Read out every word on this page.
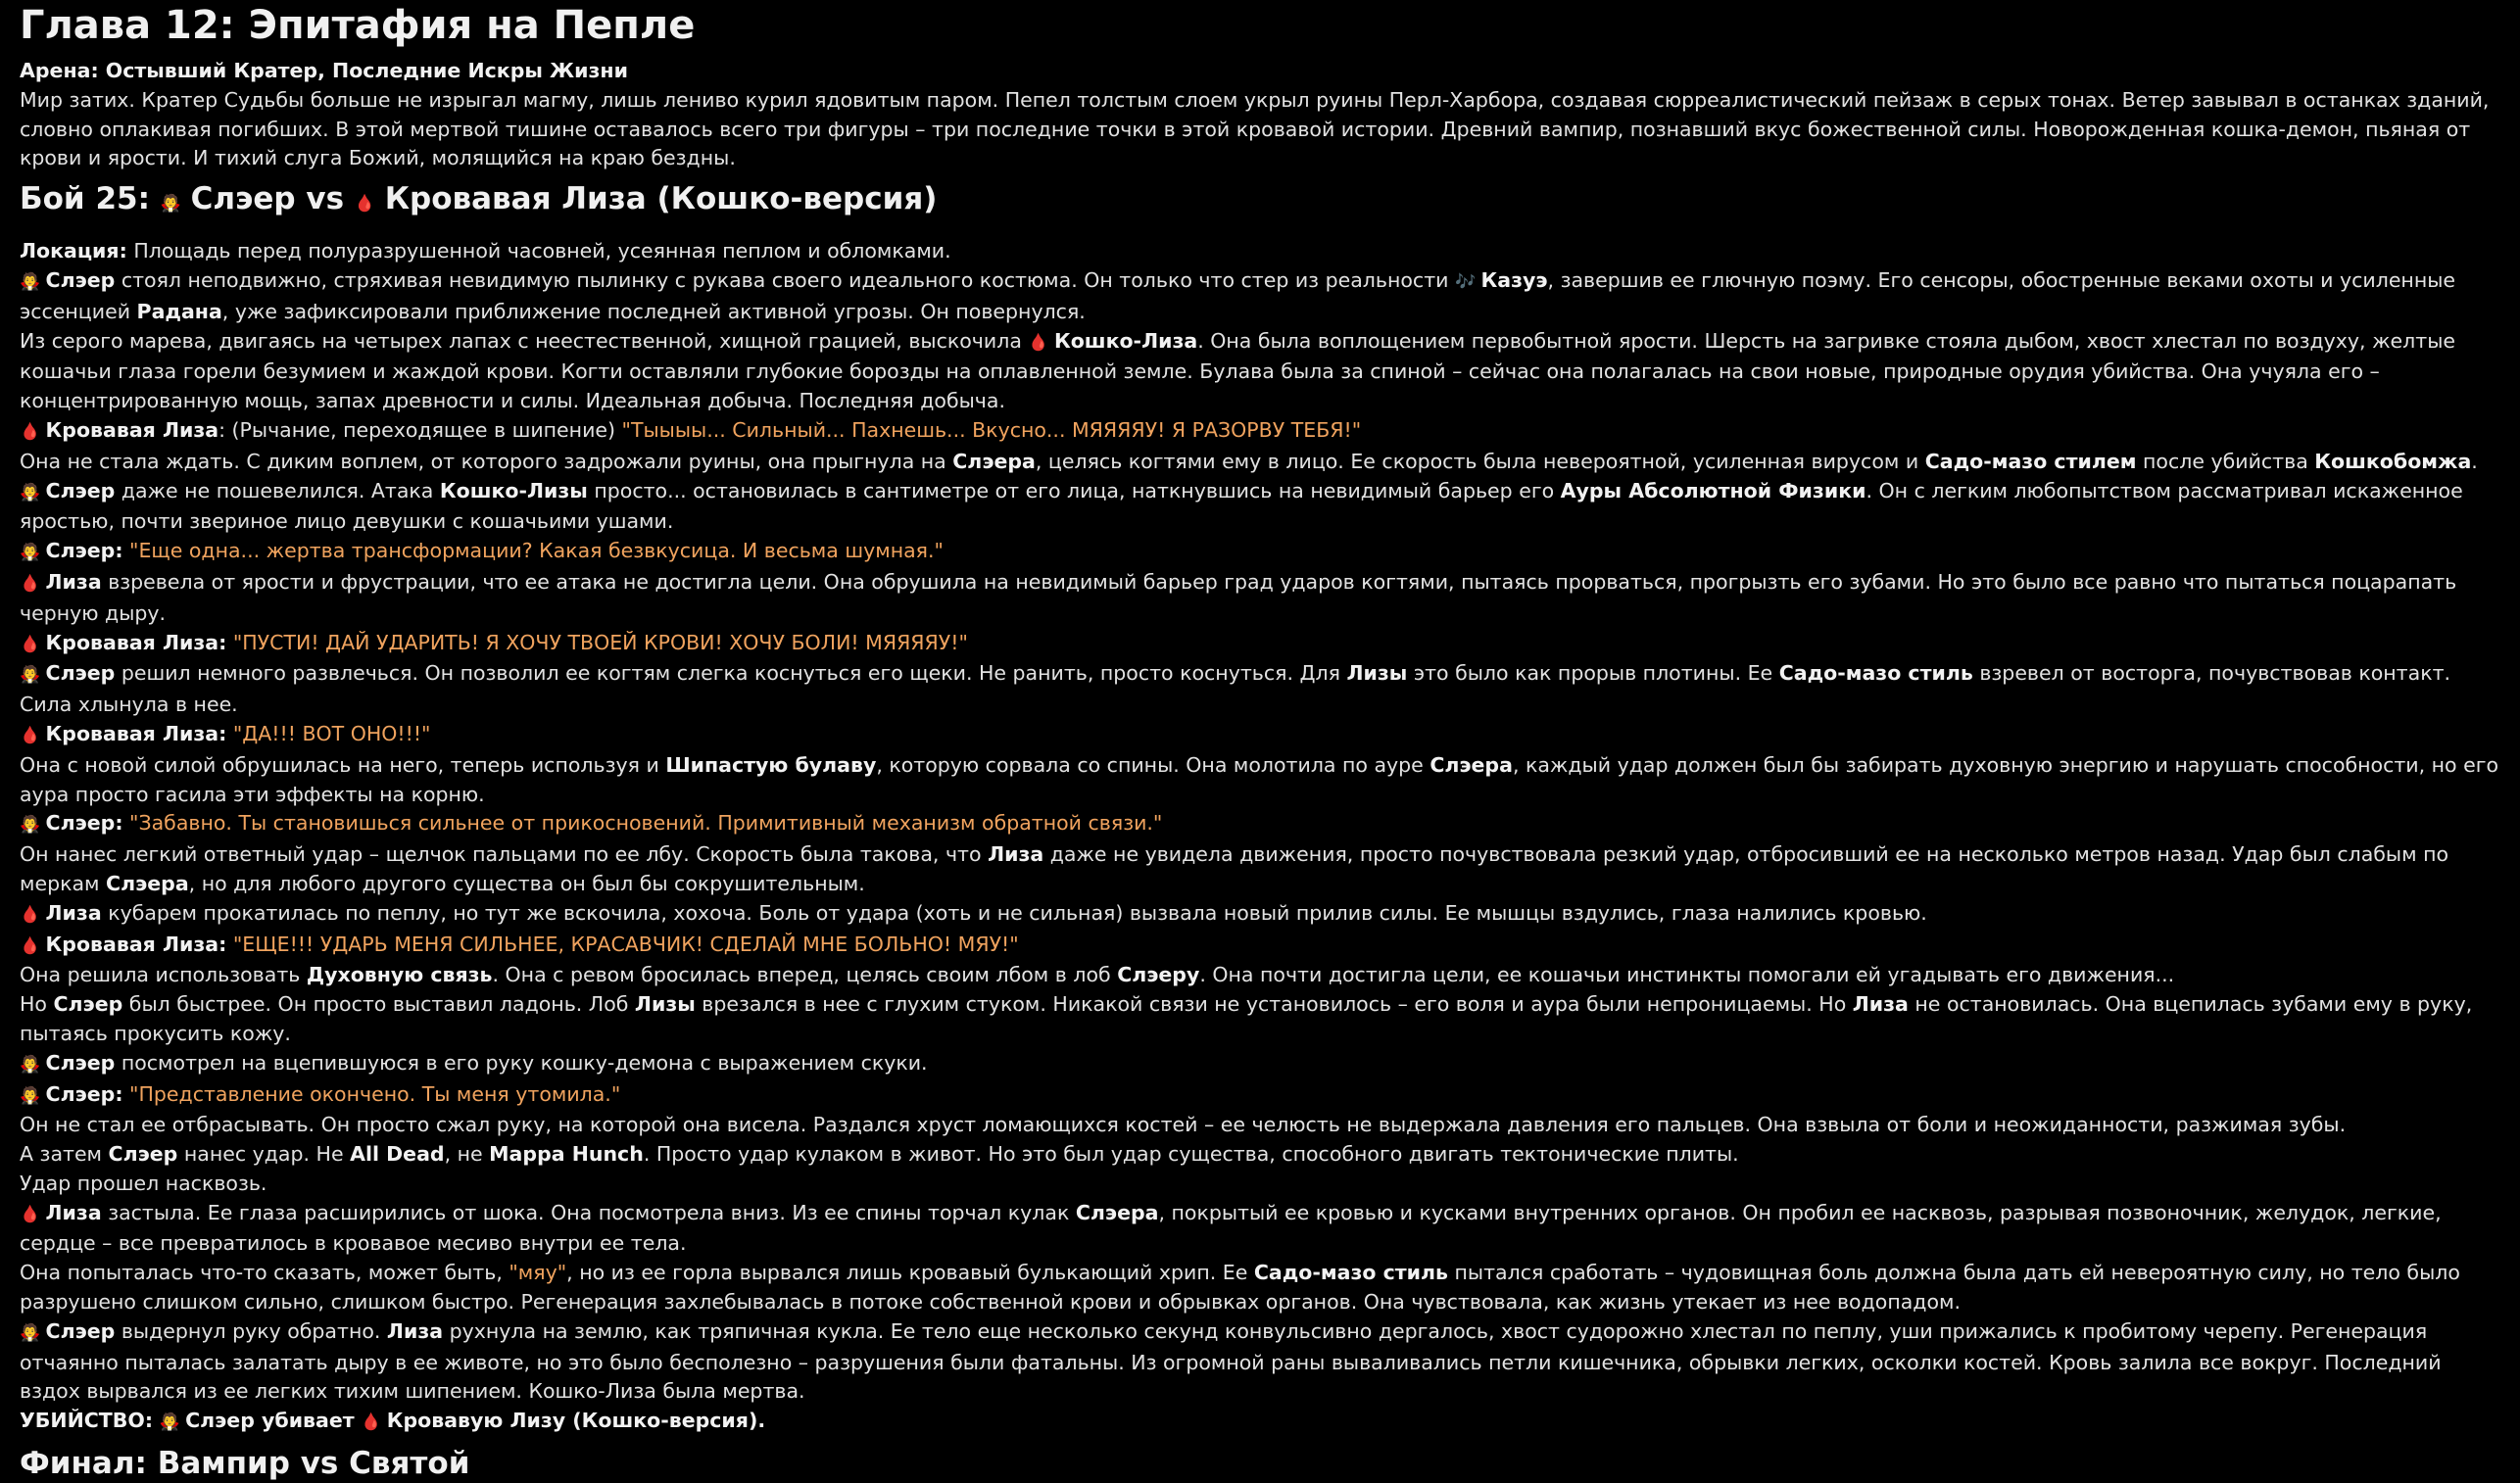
Глава 12: Эпитафия на Пепле

Арена: Остывший Кратер, Последние Искры Жизни

Мир затих. Кратер Судьбы больше не изрыгал магму, лишь лениво курил ядовитым паром. Пепел толстым слоем укрыл руины Перл-Харбора, создавая сюрреалистический пейзаж в серых тонах. Ветер завывал в останках зданий, словно оплакивая погибших. В этой мертвой тишине оставалось всего три фигуры – три последние точки в этой кровавой истории. Древний вампир, познавший вкус божественной силы. Новорожденная кошка-демон, пьяная от крови и ярости. И тихий слуга Божий, молящийся на краю бездны.

Бой 25: 🧛 Слэер vs 🩸 Кровавая Лиза (Кошко-версия)

Локация: Площадь перед полуразрушенной часовней, усеянная пеплом и обломками.

🧛 Слэер стоял неподвижно, стряхивая невидимую пылинку с рукава своего идеального костюма. Он только что стер из реальности 🎶 Казуэ, завершив ее глючную поэму. Его сенсоры, обостренные веками охоты и усиленные эссенцией Радана, уже зафиксировали приближение последней активной угрозы. Он повернулся.

Из серого марева, двигаясь на четырех лапах с неестественной, хищной грацией, выскочила 🩸 Кошко-Лиза. Она была воплощением первобытной ярости. Шерсть на загривке стояла дыбом, хвост хлестал по воздуху, желтые кошачьи глаза горели безумием и жаждой крови. Когти оставляли глубокие борозды на оплавленной земле. Булава была за спиной – сейчас она полагалась на свои новые, природные орудия убийства. Она учуяла его – концентрированную мощь, запах древности и силы. Идеальная добыча. Последняя добыча.

🩸 Кровавая Лиза: (Рычание, переходящее в шипение) "Тыыыы... Сильный... Пахнешь... Вкусно... МЯЯЯЯУ! Я РАЗОРВУ ТЕБЯ!"

Она не стала ждать. С диким воплем, от которого задрожали руины, она прыгнула на Слэера, целясь когтями ему в лицо. Ее скорость была невероятной, усиленная вирусом и Садо-мазо стилем после убийства Кошкобомжа.

🧛 Слэер даже не пошевелился. Атака Кошко-Лизы просто... остановилась в сантиметре от его лица, наткнувшись на невидимый барьер его Ауры Абсолютной Физики. Он с легким любопытством рассматривал искаженное яростью, почти звериное лицо девушки с кошачьими ушами.

🧛 Слэер: "Еще одна... жертва трансформации? Какая безвкусица. И весьма шумная."

🩸 Лиза взревела от ярости и фрустрации, что ее атака не достигла цели. Она обрушила на невидимый барьер град ударов когтями, пытаясь прорваться, прогрызть его зубами. Но это было все равно что пытаться поцарапать черную дыру.

🩸 Кровавая Лиза: "ПУСТИ! ДАЙ УДАРИТЬ! Я ХОЧУ ТВОЕЙ КРОВИ! ХОЧУ БОЛИ! МЯЯЯЯУ!"

🧛 Слэер решил немного развлечься. Он позволил ее когтям слегка коснуться его щеки. Не ранить, просто коснуться. Для Лизы это было как прорыв плотины. Ее Садо-мазо стиль взревел от восторга, почувствовав контакт. Сила хлынула в нее.

🩸 Кровавая Лиза: "ДА!!! ВОТ ОНО!!!"

Она с новой силой обрушилась на него, теперь используя и Шипастую булаву, которую сорвала со спины. Она молотила по ауре Слэера, каждый удар должен был бы забирать духовную энергию и нарушать способности, но его аура просто гасила эти эффекты на корню.

🧛 Слэер: "Забавно. Ты становишься сильнее от прикосновений. Примитивный механизм обратной связи."

Он нанес легкий ответный удар – щелчок пальцами по ее лбу. Скорость была такова, что Лиза даже не увидела движения, просто почувствовала резкий удар, отбросивший ее на несколько метров назад. Удар был слабым по меркам Слэера, но для любого другого существа он был бы сокрушительным.

🩸 Лиза кубарем прокатилась по пеплу, но тут же вскочила, хохоча. Боль от удара (хоть и не сильная) вызвала новый прилив силы. Ее мышцы вздулись, глаза налились кровью.

🩸 Кровавая Лиза: "ЕЩЕ!!! УДАРЬ МЕНЯ СИЛЬНЕЕ, КРАСАВЧИК! СДЕЛАЙ МНЕ БОЛЬНО! МЯУ!"

Она решила использовать Духовную связь. Она с ревом бросилась вперед, целясь своим лбом в лоб Слэеру. Она почти достигла цели, ее кошачьи инстинкты помогали ей угадывать его движения...

Но Слэер был быстрее. Он просто выставил ладонь. Лоб Лизы врезался в нее с глухим стуком. Никакой связи не установилось – его воля и аура были непроницаемы. Но Лиза не остановилась. Она вцепилась зубами ему в руку, пытаясь прокусить кожу.

🧛 Слэер посмотрел на вцепившуюся в его руку кошку-демона с выражением скуки.

🧛 Слэер: "Представление окончено. Ты меня утомила."

Он не стал ее отбрасывать. Он просто сжал руку, на которой она висела. Раздался хруст ломающихся костей – ее челюсть не выдержала давления его пальцев. Она взвыла от боли и неожиданности, разжимая зубы.

А затем Слэер нанес удар. Не All Dead, не Mappa Hunch. Просто удар кулаком в живот. Но это был удар существа, способного двигать тектонические плиты.

Удар прошел насквозь.

🩸 Лиза застыла. Ее глаза расширились от шока. Она посмотрела вниз. Из ее спины торчал кулак Слэера, покрытый ее кровью и кусками внутренних органов. Он пробил ее насквозь, разрывая позвоночник, желудок, легкие, сердце – все превратилось в кровавое месиво внутри ее тела.

Она попыталась что-то сказать, может быть, "мяу", но из ее горла вырвался лишь кровавый булькающий хрип. Ее Садо-мазо стиль пытался сработать – чудовищная боль должна была дать ей невероятную силу, но тело было разрушено слишком сильно, слишком быстро. Регенерация захлебывалась в потоке собственной крови и обрывках органов. Она чувствовала, как жизнь утекает из нее водопадом.

🧛 Слэер выдернул руку обратно. Лиза рухнула на землю, как тряпичная кукла. Ее тело еще несколько секунд конвульсивно дергалось, хвост судорожно хлестал по пеплу, уши прижались к пробитому черепу. Регенерация отчаянно пыталась залатать дыру в ее животе, но это было бесполезно – разрушения были фатальны. Из огромной раны вываливались петли кишечника, обрывки легких, осколки костей. Кровь залила все вокруг. Последний вздох вырвался из ее легких тихим шипением. Кошко-Лиза была мертва.

УБИЙСТВО: 🧛 Слэер убивает 🩸 Кровавую Лизу (Кошко-версия).

Финал: Вампир vs Святой
